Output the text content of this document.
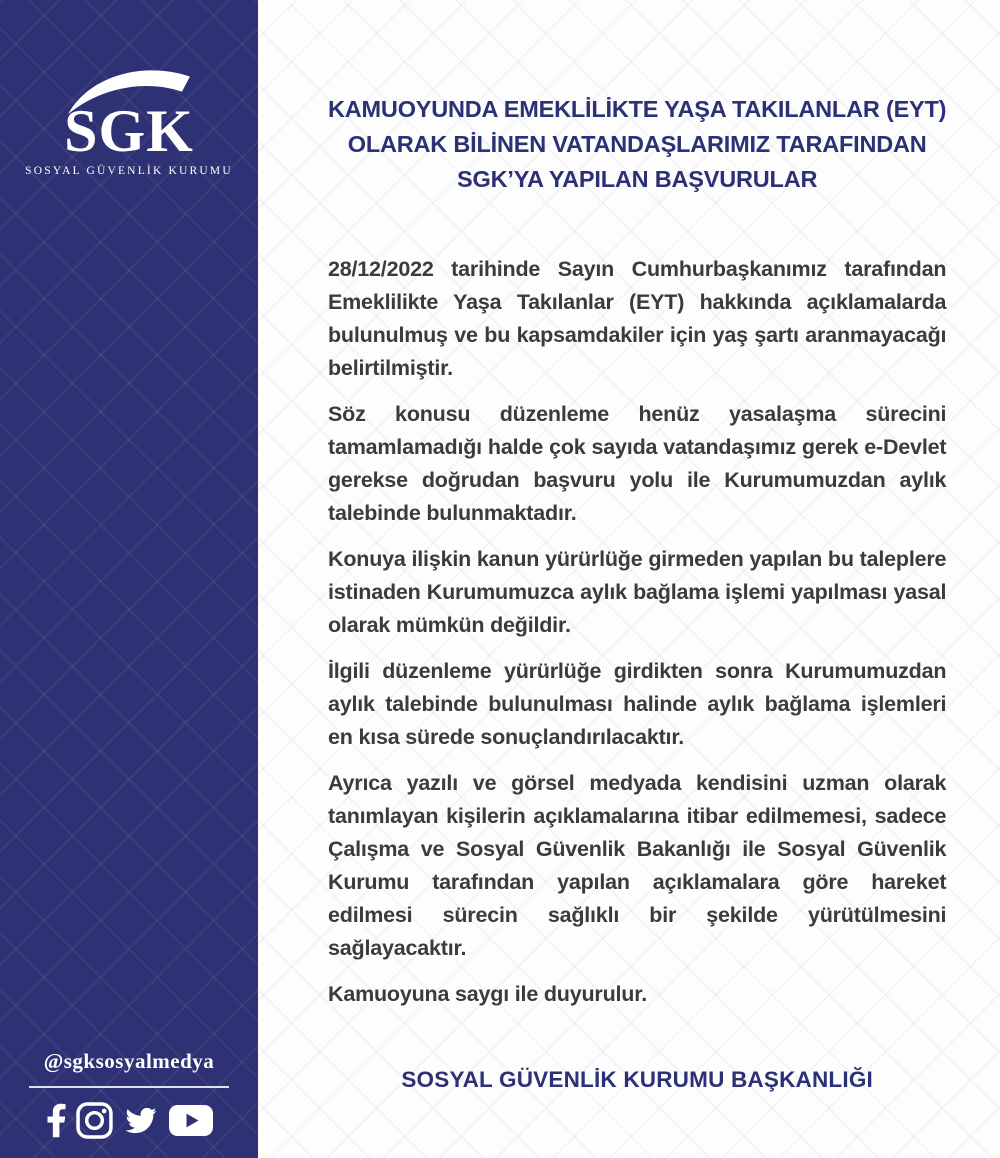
SGK
SOSYAL GÜVENLİK KURUMU
@sgksosyalmedya
KAMUOYUNDA EMEKLİLİKTE YAŞA TAKILANLAR (EYT)
OLARAK BİLİNEN VATANDAŞLARIMIZ TARAFINDAN
SGK’YA YAPILAN BAŞVURULAR

28/12/2022 tarihinde Sayın Cumhurbaşkanımız tarafından Emeklilikte Yaşa Takılanlar (EYT) hakkında açıklamalarda bulunulmuş ve bu kapsamdakiler için yaş şartı aranmayacağı belirtilmiştir.

Söz konusu düzenleme henüz yasalaşma sürecini tamamlamadığı halde çok sayıda vatandaşımız gerek e-Devlet gerekse doğrudan başvuru yolu ile Kurumumuzdan aylık talebinde bulunmaktadır.

Konuya ilişkin kanun yürürlüğe girmeden yapılan bu taleplere istinaden Kurumumuzca aylık bağlama işlemi yapılması yasal olarak mümkün değildir.

İlgili düzenleme yürürlüğe girdikten sonra Kurumumuzdan aylık talebinde bulunulması halinde aylık bağlama işlemleri en kısa sürede sonuçlandırılacaktır.

Ayrıca yazılı ve görsel medyada kendisini uzman olarak tanımlayan kişilerin açıklamalarına itibar edilmemesi, sadece Çalışma ve Sosyal Güvenlik Bakanlığı ile Sosyal Güvenlik Kurumu tarafından yapılan açıklamalara göre hareket edilmesi sürecin sağlıklı bir şekilde yürütülmesini sağlayacaktır.

Kamuoyuna saygı ile duyurulur.

SOSYAL GÜVENLİK KURUMU BAŞKANLIĞI
